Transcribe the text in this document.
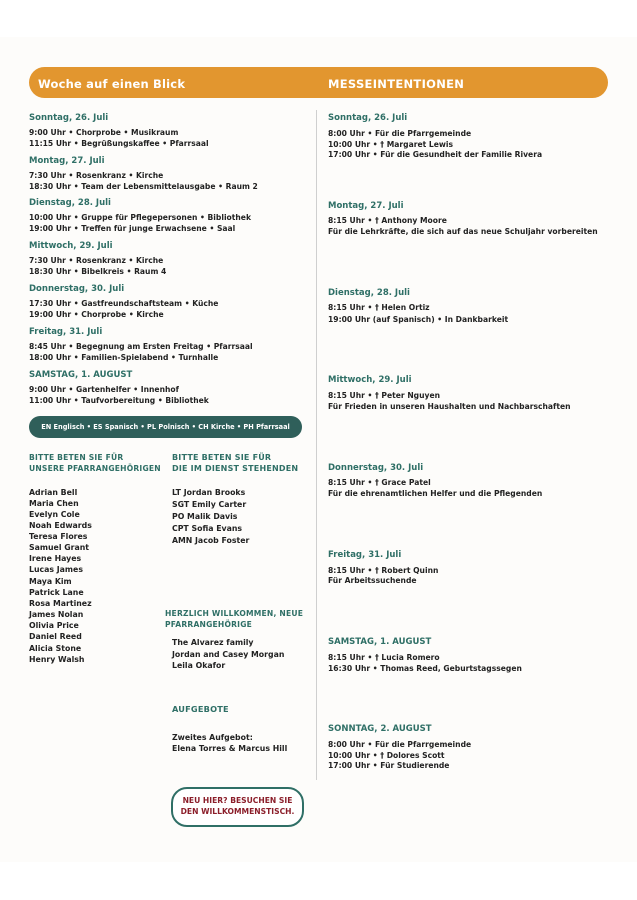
Woche auf einen Blick	MESSEINTENTIONEN
Sonntag, 26. Juli
9:00 Uhr • Chorprobe • Musikraum
11:15 Uhr • Begrüßungskaffee • Pfarrsaal
Montag, 27. Juli
7:30 Uhr • Rosenkranz • Kirche
18:30 Uhr • Team der Lebensmittelausgabe • Raum 2
Dienstag, 28. Juli
10:00 Uhr • Gruppe für Pflegepersonen • Bibliothek
19:00 Uhr • Treffen für junge Erwachsene • Saal
Mittwoch, 29. Juli
7:30 Uhr • Rosenkranz • Kirche
18:30 Uhr • Bibelkreis • Raum 4
Donnerstag, 30. Juli
17:30 Uhr • Gastfreundschaftsteam • Küche
19:00 Uhr • Chorprobe • Kirche
Freitag, 31. Juli
8:45 Uhr • Begegnung am Ersten Freitag • Pfarrsaal
18:00 Uhr • Familien-Spielabend • Turnhalle
SAMSTAG, 1. AUGUST
9:00 Uhr • Gartenhelfer • Innenhof
11:00 Uhr • Taufvorbereitung • Bibliothek
EN Englisch • ES Spanisch • PL Polnisch • CH Kirche • PH Pfarrsaal
BITTE BETEN SIE FÜR
UNSERE PFARRANGEHÖRIGEN
Adrian Bell
Maria Chen
Evelyn Cole
Noah Edwards
Teresa Flores
Samuel Grant
Irene Hayes
Lucas James
Maya Kim
Patrick Lane
Rosa Martinez
James Nolan
Olivia Price
Daniel Reed
Alicia Stone
Henry Walsh
BITTE BETEN SIE FÜR
DIE IM DIENST STEHENDEN
LT Jordan Brooks
SGT Emily Carter
PO Malik Davis
CPT Sofia Evans
AMN Jacob Foster
HERZLICH WILLKOMMEN, NEUE
PFARRANGEHÖRIGE
The Alvarez family
Jordan and Casey Morgan
Leila Okafor
AUFGEBOTE
Zweites Aufgebot:
Elena Torres & Marcus Hill
NEU HIER? BESUCHEN SIE
DEN WILLKOMMENSTISCH.
Sonntag, 26. Juli
8:00 Uhr • Für die Pfarrgemeinde
10:00 Uhr • † Margaret Lewis
17:00 Uhr • Für die Gesundheit der Familie Rivera
Montag, 27. Juli
8:15 Uhr • † Anthony Moore
Für die Lehrkräfte, die sich auf das neue Schuljahr vorbereiten
Dienstag, 28. Juli
8:15 Uhr • † Helen Ortiz
19:00 Uhr (auf Spanisch) • In Dankbarkeit
Mittwoch, 29. Juli
8:15 Uhr • † Peter Nguyen
Für Frieden in unseren Haushalten und Nachbarschaften
Donnerstag, 30. Juli
8:15 Uhr • † Grace Patel
Für die ehrenamtlichen Helfer und die Pflegenden
Freitag, 31. Juli
8:15 Uhr • † Robert Quinn
Für Arbeitssuchende
SAMSTAG, 1. AUGUST
8:15 Uhr • † Lucia Romero
16:30 Uhr • Thomas Reed, Geburtstagssegen
SONNTAG, 2. AUGUST
8:00 Uhr • Für die Pfarrgemeinde
10:00 Uhr • † Dolores Scott
17:00 Uhr • Für Studierende
